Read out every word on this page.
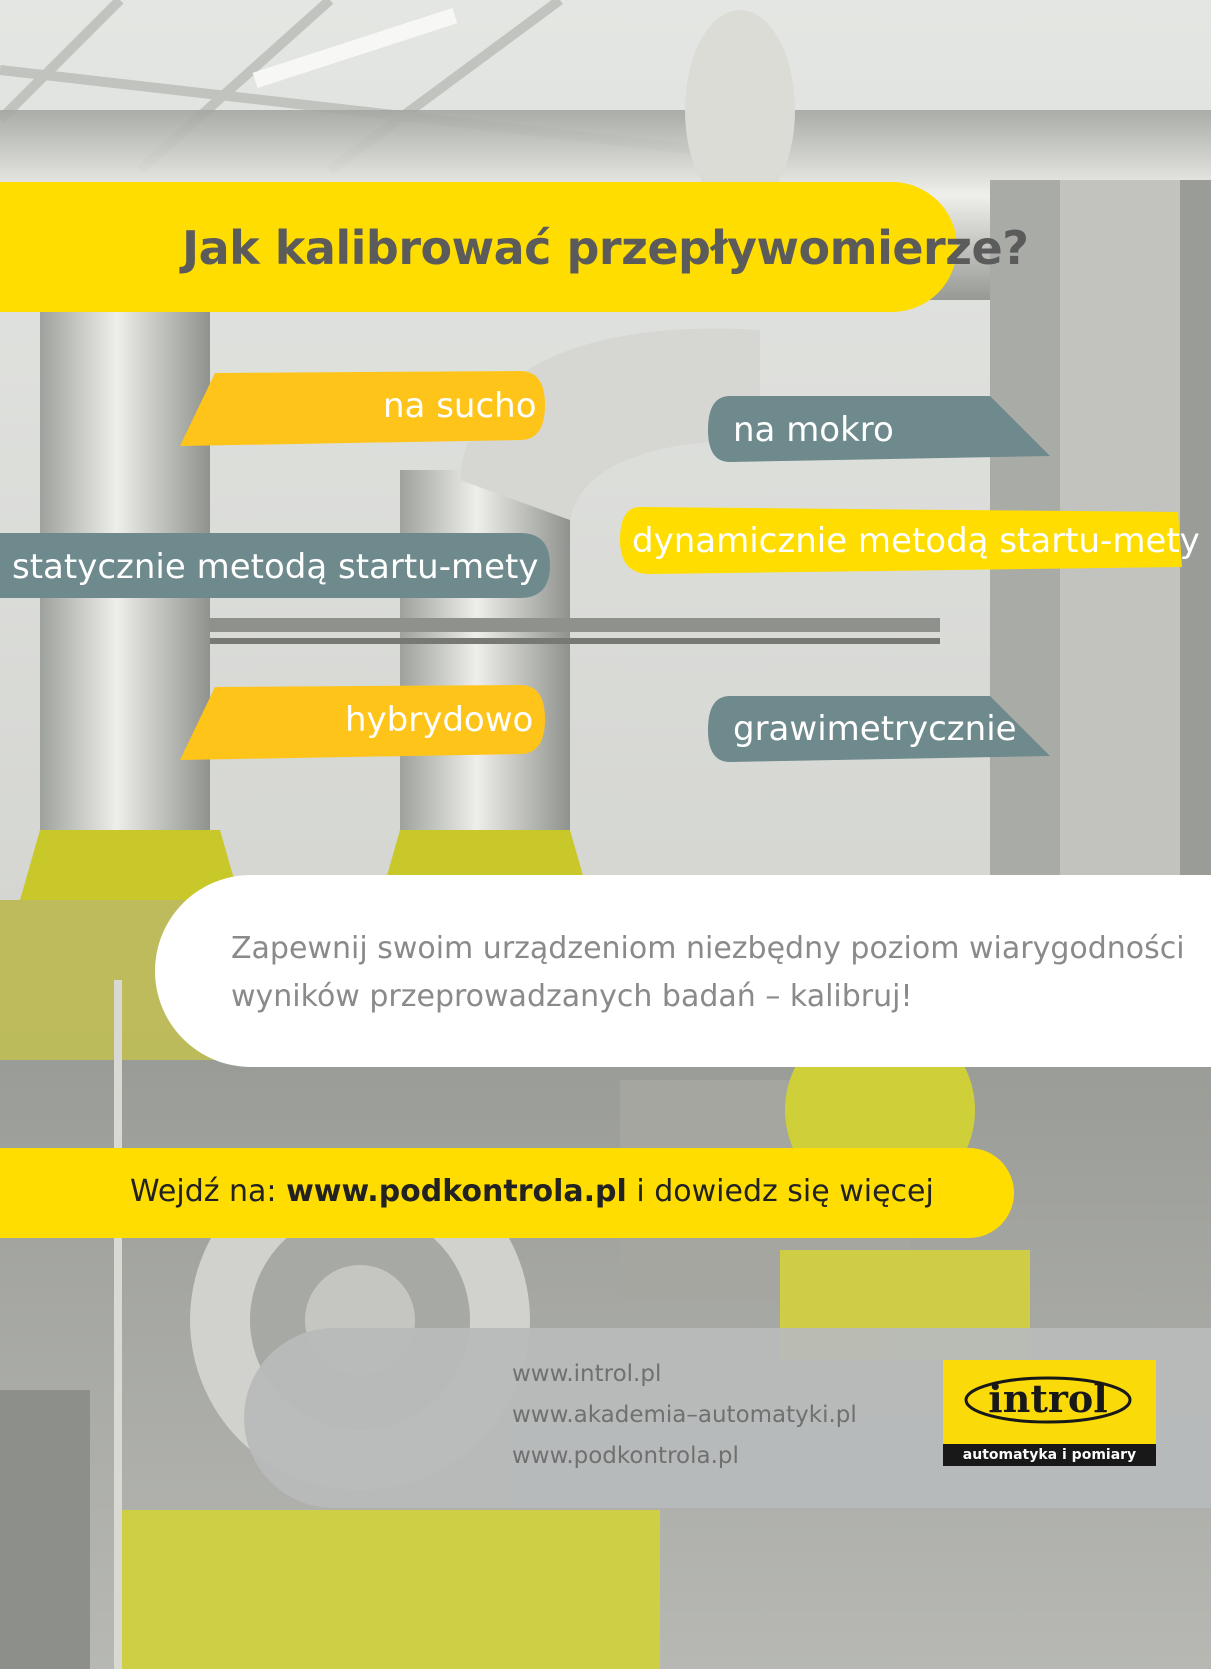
Jak kalibrować przepływomierze?
na sucho
na mokro
statycznie metodą startu-mety
dynamicznie metodą startu-mety
hybrydowo	grawimetrycznie

Zapewnij swoim urządzeniom niezbędny poziom wiarygodności
wyników przeprowadzanych badań – kalibruj!

Wejdź na: www.podkontrola.pl i dowiedz się więcej

www.introl.pl
www.akademia–automatyki.pl
www.podkontrola.pl
introl
automatyka i pomiary
